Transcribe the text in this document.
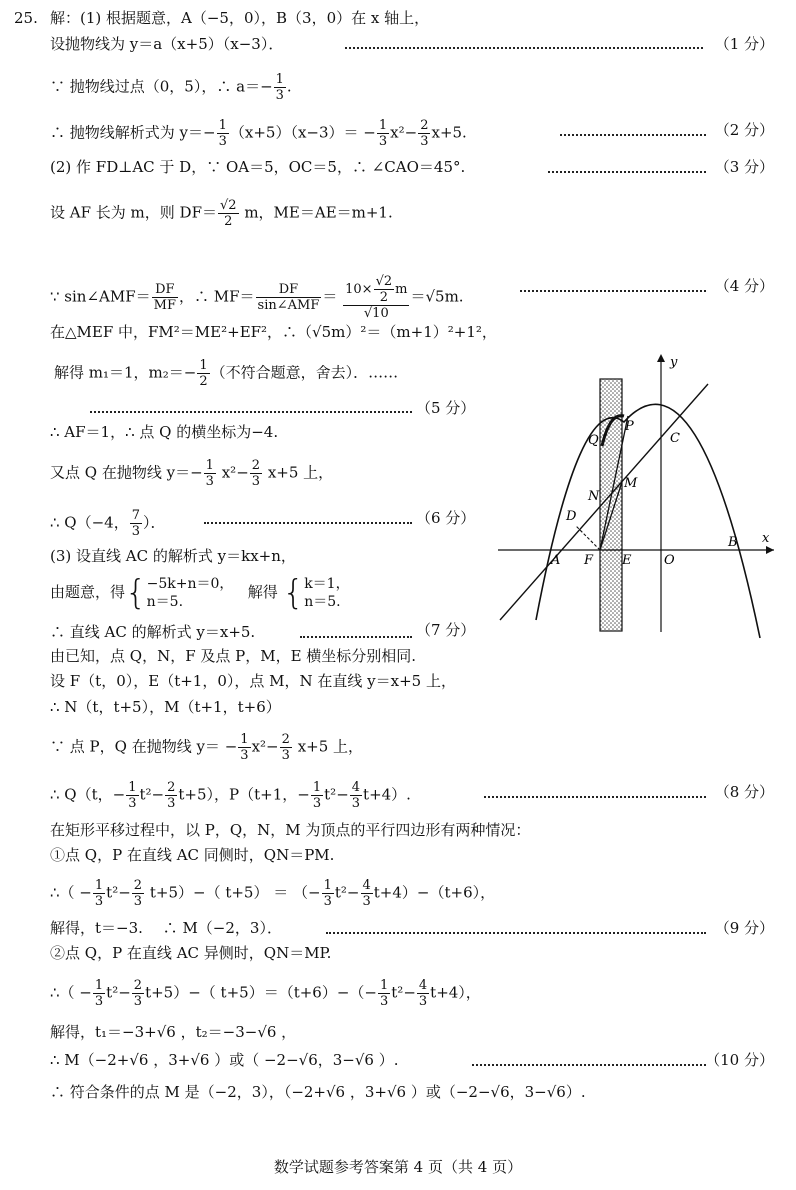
25. 解：(1) 根据题意，A（−5，0），B（3，0）在 x 轴上，
设抛物线为 y＝a（x+5）（x−3）．	（1 分）
∵ 抛物线过点（0，5），∴ $a=- \frac{1}{3}$ .
∴ 抛物线解析式为 $y=- \frac{1}{3} (x+5)(x-3)= - \frac{1}{3} x^2- \frac{2}{3} x+5$.	（2 分）
(2) 作 FD⊥AC 于 D，∵ OA＝5，OC＝5，∴ ∠CAO＝45°.	（3 分）
设 AF 长为 m，则 $DF= \frac{√2}{2}$ m，ME＝AE＝m+1.
∵ sin∠AMF＝ $\frac{DF}{MF}$ ，∴ MF＝	DF
sin∠AMF ＝ $\frac{10\times \frac{√2}{2} m}{√10} =√5m$.
（4 分）
在△MEF 中，FM²＝ME²+EF²，∴（√5m）²＝（m+1）²+1²，
解得 m₁＝1，$m_2=- \frac{1}{2}$ （不符合题意，舍去）．……
（5 分）
∴ AF＝1，∴ 点 Q 的横坐标为−4.
又点 Q 在抛物线 $y=- \frac{1}{3} x^2- \frac{2}{3} x+5$ 上，
∴ Q（−4， $\frac{7}{3}$ ）．	（6 分）
(3) 设直线 AC 的解析式 y＝kx+n，
由题意，得{−5k+n＝0，
n＝5.   解得 {k＝1，
n＝5.
∴ 直线 AC 的解析式 y＝x+5.	（7 分）
由已知，点 Q，N，F 及点 P，M，E 横坐标分别相同.
设 F（t，0），E（t+1，0），点 M，N 在直线 y＝x+5 上，
∴ N（t，t+5），M（t+1，t+6）
∵ 点 P，Q 在抛物线 $y= - \frac{1}{3} x^2- \frac{2}{3} x+5$ 上，
∴ Q（t，− $\frac{1}{3} t^2- \frac{2}{3} t+5$），P（t+1，− $\frac{1}{3} t^2- \frac{4}{3} t+4$）.	（8 分）
在矩形平移过程中，以 P，Q，N，M 为顶点的平行四边形有两种情况：
①点 Q，P 在直线 AC 同侧时，QN＝PM.
∴（ − $\frac{1}{3} t^2- \frac{2}{3} t+5)-$（ t+5） ＝ （− $\frac{1}{3} t^2- \frac{4}{3} t+4)-(t+6)$，
解得，t＝−3.　 ∴ M（−2，3）．	（9 分）
②点 Q，P 在直线 AC 异侧时，QN＝MP.
∴（ − $\frac{1}{3} t^2- \frac{2}{3} t+5)-$（ $t+5)=(t+6)-(- \frac{1}{3} t^2- \frac{4}{3} t+4)$，
解得，t₁＝−3+√6 ，t₂＝−3−√6 ，
∴ M（−2+√6 ，3+√6 ）或（ −2−√6，3−√6 ）.	（10 分）
∴ 符合条件的点 M 是（−2，3），（−2+√6 ，3+√6 ）或（−2−√6，3−√6）.
y
x
P
Q	C
M
N
D
A F E	O
B
数学试题参考答案第 4 页（共 4 页）
